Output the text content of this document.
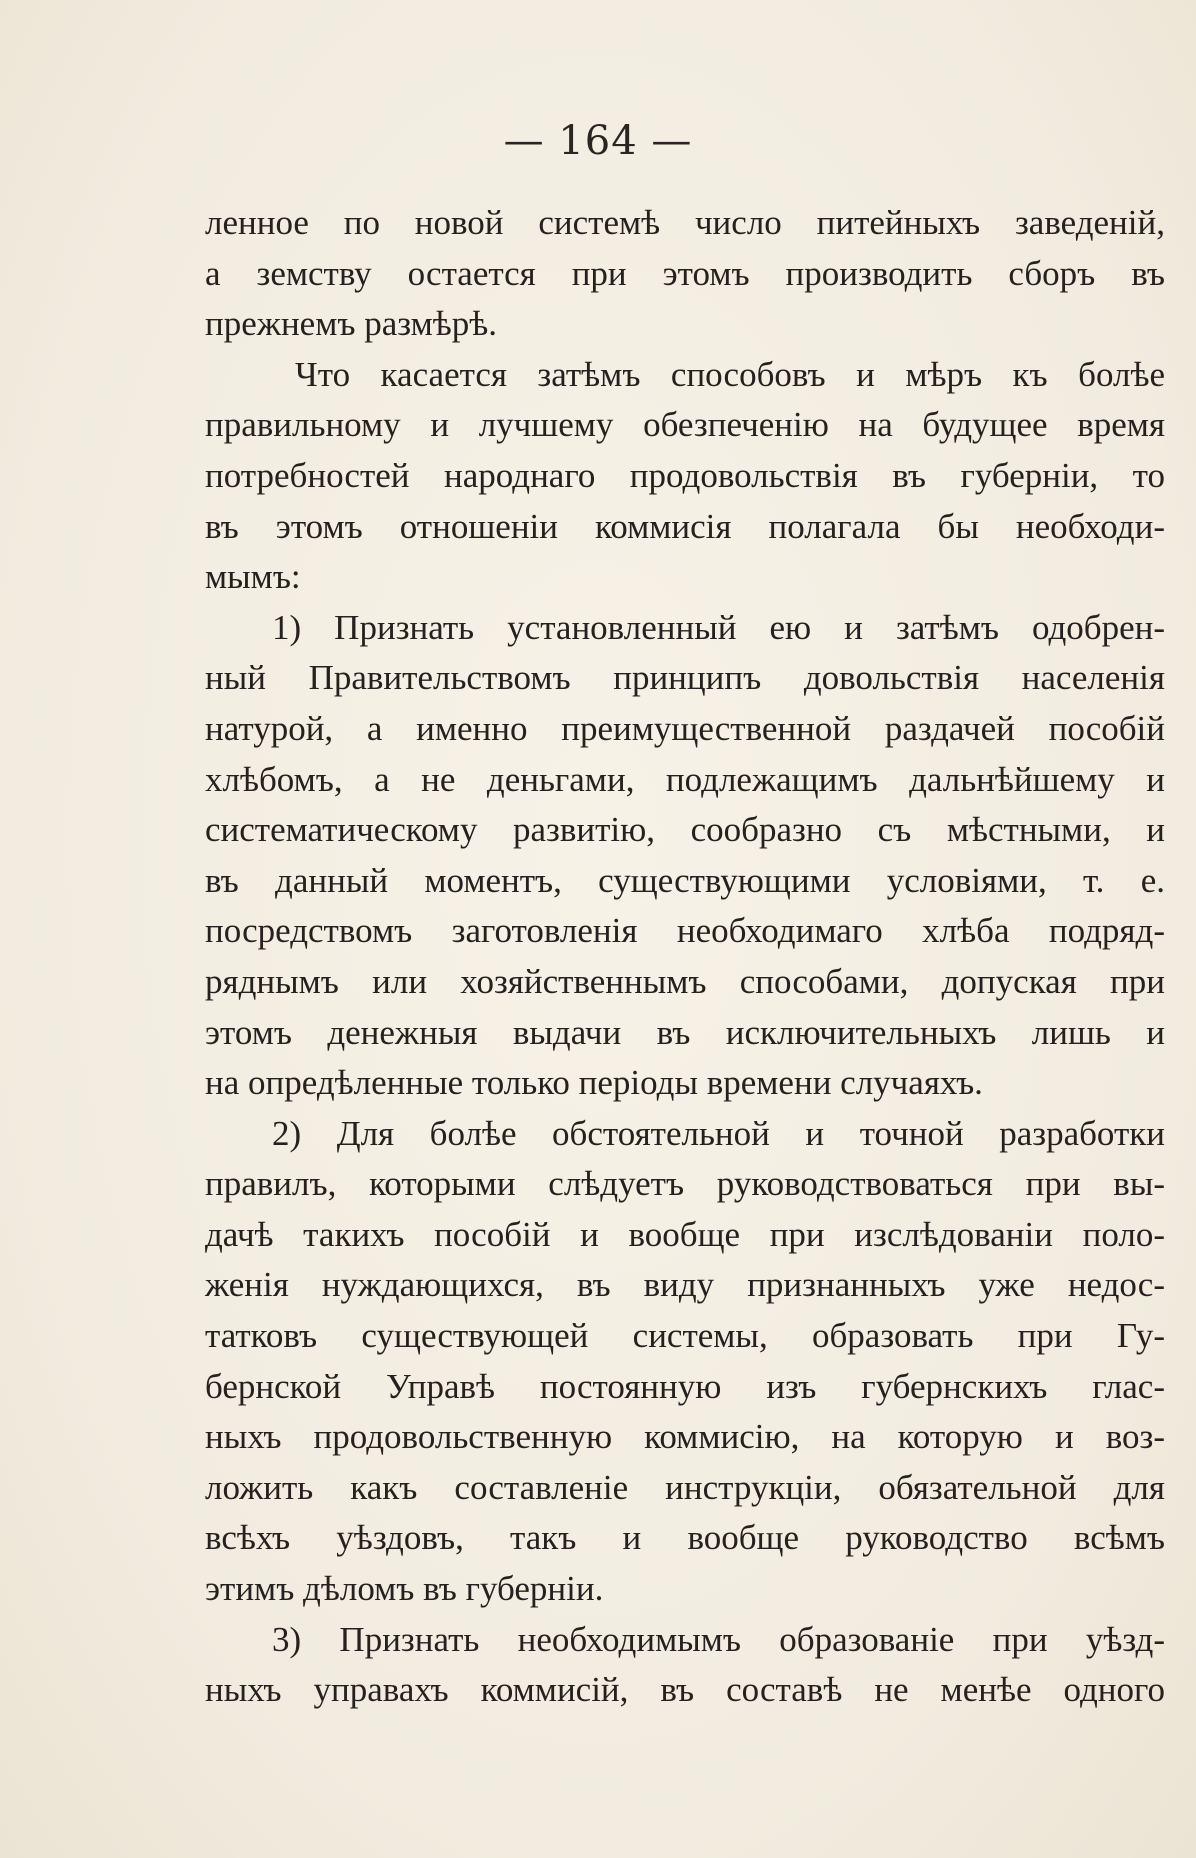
— 164 —
ленное по новой системѣ число питейныхъ заведеній,
а земству остается при этомъ производить сборъ въ
прежнемъ размѣрѣ.
Что касается затѣмъ способовъ и мѣръ къ болѣе
правильному и лучшему обезпеченію на будущее время
потребностей народнаго продовольствія въ губерніи, то
въ этомъ отношеніи коммисія полагала бы необходи-
мымъ:
1) Признать установленный ею и затѣмъ одобрен-
ный Правительствомъ принципъ довольствія населенія
натурой, а именно преимущественной раздачей пособій
хлѣбомъ, а не деньгами, подлежащимъ дальнѣйшему и
систематическому развитію, сообразно съ мѣстными, и
въ данный моментъ, существующими условіями, т. е.
посредствомъ заготовленія необходимаго хлѣба подряд-
ряднымъ или хозяйственнымъ способами, допуская при
этомъ денежныя выдачи въ исключительныхъ лишь и
на опредѣленные только періоды времени случаяхъ.
2) Для болѣе обстоятельной и точной разработки
правилъ, которыми слѣдуетъ руководствоваться при вы-
дачѣ такихъ пособій и вообще при изслѣдованіи поло-
женія нуждающихся, въ виду признанныхъ уже недос-
татковъ существующей системы, образовать при Гу-
бернской Управѣ постоянную изъ губернскихъ глас-
ныхъ продовольственную коммисію, на которую и воз-
ложить какъ составленіе инструкціи, обязательной для
всѣхъ уѣздовъ, такъ и вообще руководство всѣмъ
этимъ дѣломъ въ губерніи.
3) Признать необходимымъ образованіе при уѣзд-
ныхъ управахъ коммисій, въ составѣ не менѣе одного
